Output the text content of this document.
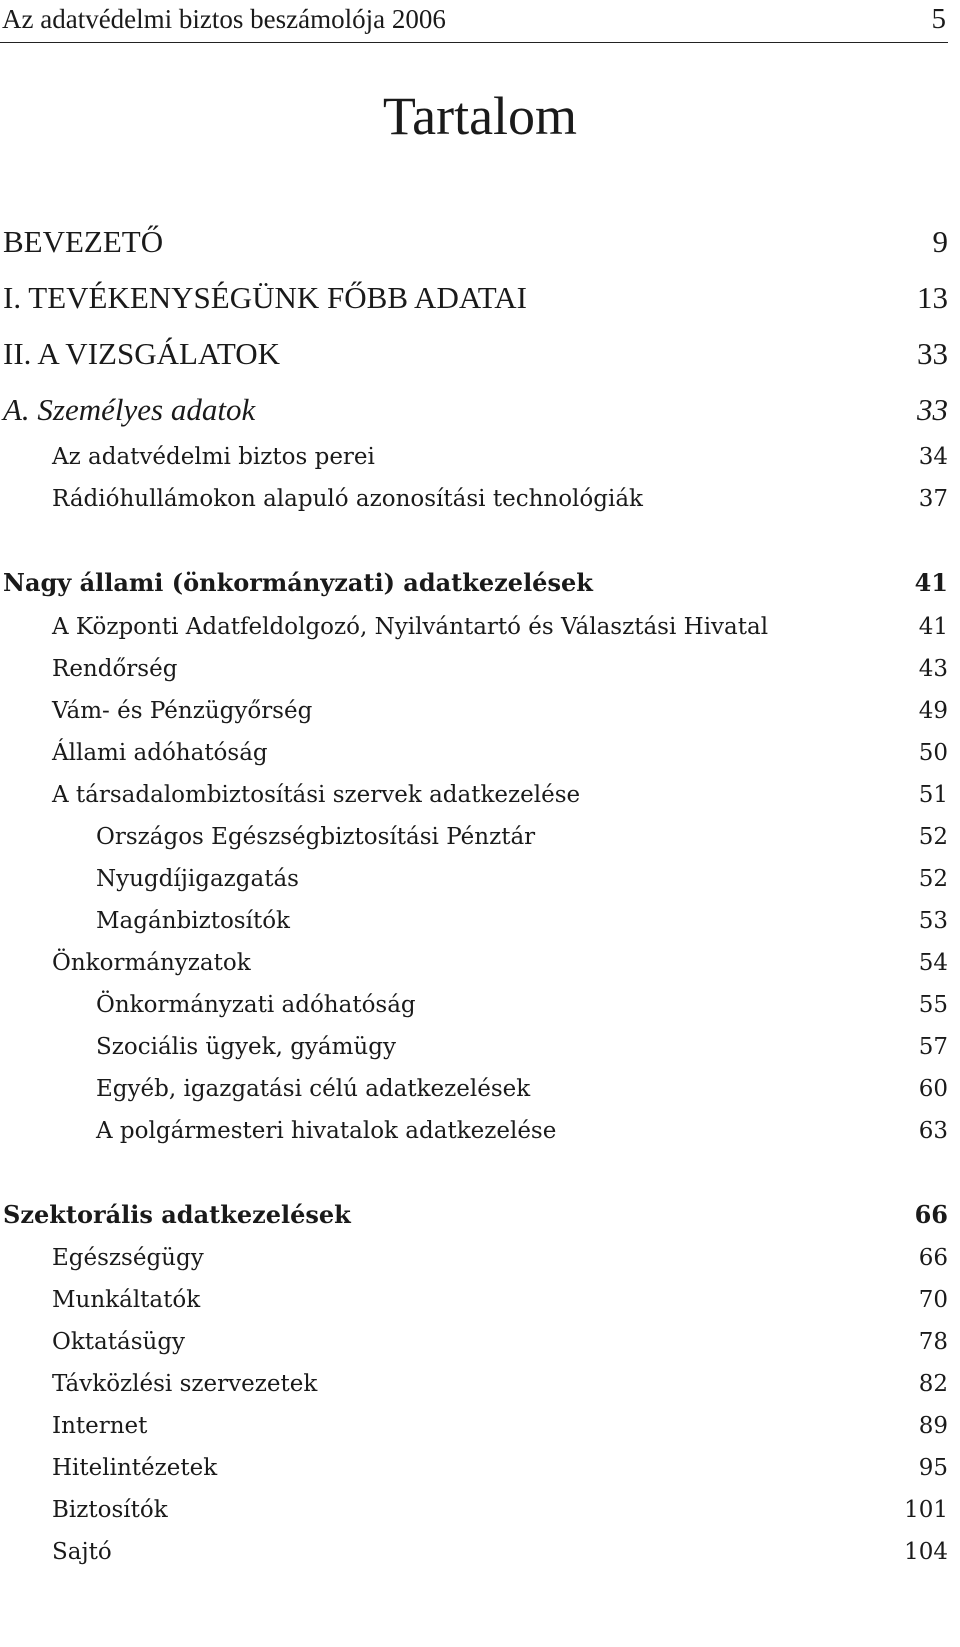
Az adatvédelmi biztos beszámolója 2006	5
Tartalom
BEVEZETŐ	9
I. TEVÉKENYSÉGÜNK FŐBB ADATAI	13
II. A VIZSGÁLATOK	33
A. Személyes adatok	33
Az adatvédelmi biztos perei	34
Rádióhullámokon alapuló azonosítási technológiák	37
Nagy állami (önkormányzati) adatkezelések	41
A Központi Adatfeldolgozó, Nyilvántartó és Választási Hivatal	41
Rendőrség	43
Vám- és Pénzügyőrség	49
Állami adóhatóság	50
A társadalombiztosítási szervek adatkezelése	51
Országos Egészségbiztosítási Pénztár	52
Nyugdíjigazgatás	52
Magánbiztosítók	53
Önkormányzatok	54
Önkormányzati adóhatóság	55
Szociális ügyek, gyámügy	57
Egyéb, igazgatási célú adatkezelések	60
A polgármesteri hivatalok adatkezelése	63
Szektorális adatkezelések	66
Egészségügy	66
Munkáltatók	70
Oktatásügy	78
Távközlési szervezetek	82
Internet	89
Hitelintézetek	95
Biztosítók	101
Sajtó	104
